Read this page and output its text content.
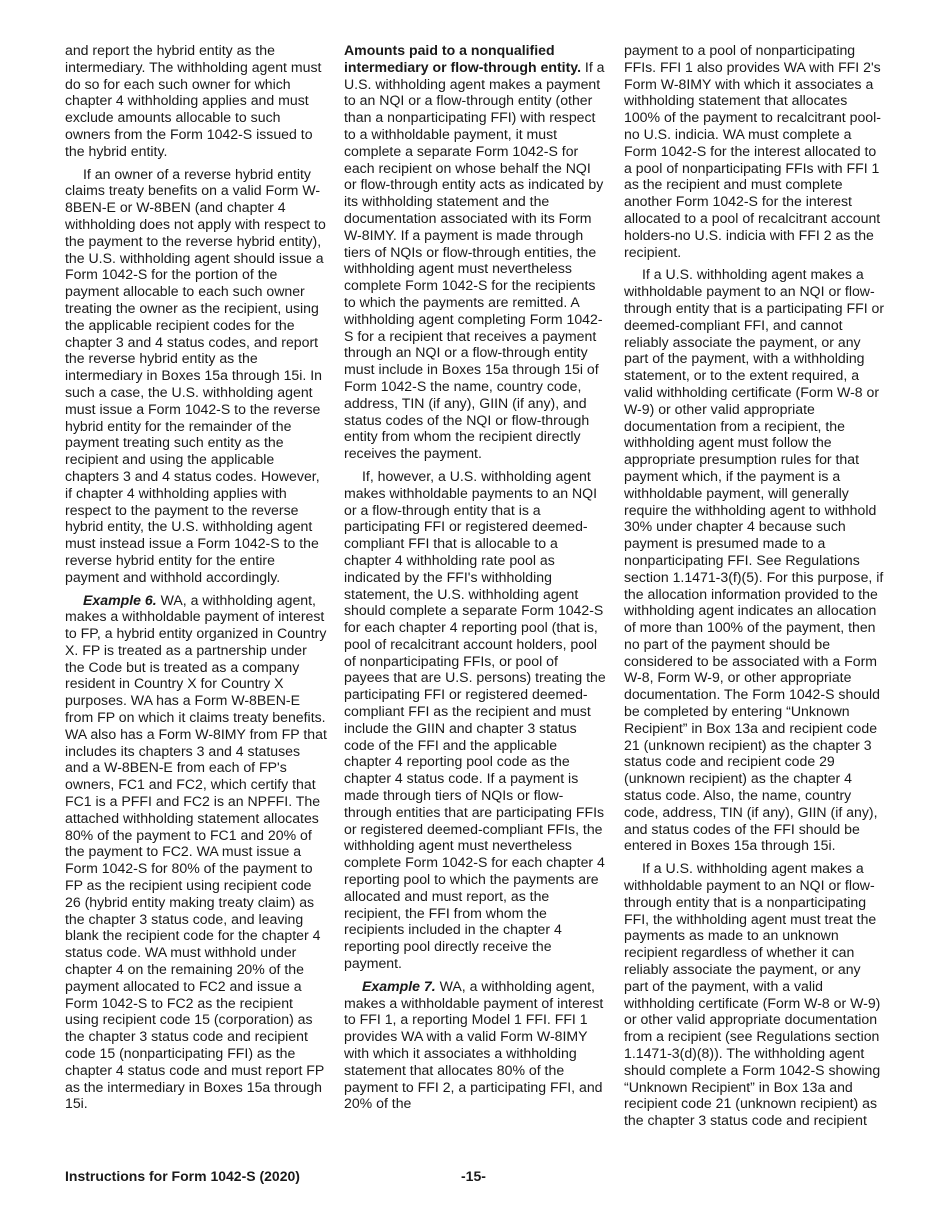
and report the hybrid entity as the intermediary. The withholding agent must do so for each such owner for which chapter 4 withholding applies and must exclude amounts allocable to such owners from the Form 1042-S issued to the hybrid entity.

If an owner of a reverse hybrid entity claims treaty benefits on a valid Form W-8BEN-E or W-8BEN (and chapter 4 withholding does not apply with respect to the payment to the reverse hybrid entity), the U.S. withholding agent should issue a Form 1042-S for the portion of the payment allocable to each such owner treating the owner as the recipient, using the applicable recipient codes for the chapter 3 and 4 status codes, and report the reverse hybrid entity as the intermediary in Boxes 15a through 15i. In such a case, the U.S. withholding agent must issue a Form 1042-S to the reverse hybrid entity for the remainder of the payment treating such entity as the recipient and using the applicable chapters 3 and 4 status codes. However, if chapter 4 withholding applies with respect to the payment to the reverse hybrid entity, the U.S. withholding agent must instead issue a Form 1042-S to the reverse hybrid entity for the entire payment and withhold accordingly.

Example 6. WA, a withholding agent, makes a withholdable payment of interest to FP, a hybrid entity organized in Country X. FP is treated as a partnership under the Code but is treated as a company resident in Country X for Country X purposes. WA has a Form W-8BEN-E from FP on which it claims treaty benefits. WA also has a Form W-8IMY from FP that includes its chapters 3 and 4 statuses and a W-8BEN-E from each of FP's owners, FC1 and FC2, which certify that FC1 is a PFFI and FC2 is an NPFFI. The attached withholding statement allocates 80% of the payment to FC1 and 20% of the payment to FC2. WA must issue a Form 1042-S for 80% of the payment to FP as the recipient using recipient code 26 (hybrid entity making treaty claim) as the chapter 3 status code, and leaving blank the recipient code for the chapter 4 status code. WA must withhold under chapter 4 on the remaining 20% of the payment allocated to FC2 and issue a Form 1042-S to FC2 as the recipient using recipient code 15 (corporation) as the chapter 3 status code and recipient code 15 (nonparticipating FFI) as the chapter 4 status code and must report FP as the intermediary in Boxes 15a through 15i.

Amounts paid to a nonqualified intermediary or flow-through entity. If a U.S. withholding agent makes a payment to an NQI or a flow-through entity (other than a nonparticipating FFI) with respect to a withholdable payment, it must complete a separate Form 1042-S for each recipient on whose behalf the NQI or flow-through entity acts as indicated by its withholding statement and the documentation associated with its Form W-8IMY. If a payment is made through tiers of NQIs or flow-through entities, the withholding agent must nevertheless complete Form 1042-S for the recipients to which the payments are remitted. A withholding agent completing Form 1042-S for a recipient that receives a payment through an NQI or a flow-through entity must include in Boxes 15a through 15i of Form 1042-S the name, country code, address, TIN (if any), GIIN (if any), and status codes of the NQI or flow-through entity from whom the recipient directly receives the payment.

If, however, a U.S. withholding agent makes withholdable payments to an NQI or a flow-through entity that is a participating FFI or registered deemed-compliant FFI that is allocable to a chapter 4 withholding rate pool as indicated by the FFI's withholding statement, the U.S. withholding agent should complete a separate Form 1042-S for each chapter 4 reporting pool (that is, pool of recalcitrant account holders, pool of nonparticipating FFIs, or pool of payees that are U.S. persons) treating the participating FFI or registered deemed-compliant FFI as the recipient and must include the GIIN and chapter 3 status code of the FFI and the applicable chapter 4 reporting pool code as the chapter 4 status code. If a payment is made through tiers of NQIs or flow-through entities that are participating FFIs or registered deemed-compliant FFIs, the withholding agent must nevertheless complete Form 1042-S for each chapter 4 reporting pool to which the payments are allocated and must report, as the recipient, the FFI from whom the recipients included in the chapter 4 reporting pool directly receive the payment.

Example 7. WA, a withholding agent, makes a withholdable payment of interest to FFI 1, a reporting Model 1 FFI. FFI 1 provides WA with a valid Form W-8IMY with which it associates a withholding statement that allocates 80% of the payment to FFI 2, a participating FFI, and 20% of the

payment to a pool of nonparticipating FFIs. FFI 1 also provides WA with FFI 2's Form W-8IMY with which it associates a withholding statement that allocates 100% of the payment to recalcitrant pool-no U.S. indicia. WA must complete a Form 1042-S for the interest allocated to a pool of nonparticipating FFIs with FFI 1 as the recipient and must complete another Form 1042-S for the interest allocated to a pool of recalcitrant account holders-no U.S. indicia with FFI 2 as the recipient.

If a U.S. withholding agent makes a withholdable payment to an NQI or flow-through entity that is a participating FFI or deemed-compliant FFI, and cannot reliably associate the payment, or any part of the payment, with a withholding statement, or to the extent required, a valid withholding certificate (Form W-8 or W-9) or other valid appropriate documentation from a recipient, the withholding agent must follow the appropriate presumption rules for that payment which, if the payment is a withholdable payment, will generally require the withholding agent to withhold 30% under chapter 4 because such payment is presumed made to a nonparticipating FFI. See Regulations section 1.1471-3(f)(5). For this purpose, if the allocation information provided to the withholding agent indicates an allocation of more than 100% of the payment, then no part of the payment should be considered to be associated with a Form W-8, Form W-9, or other appropriate documentation. The Form 1042-S should be completed by entering “Unknown Recipient” in Box 13a and recipient code 21 (unknown recipient) as the chapter 3 status code and recipient code 29 (unknown recipient) as the chapter 4 status code. Also, the name, country code, address, TIN (if any), GIIN (if any), and status codes of the FFI should be entered in Boxes 15a through 15i.

If a U.S. withholding agent makes a withholdable payment to an NQI or flow-through entity that is a nonparticipating FFI, the withholding agent must treat the payments as made to an unknown recipient regardless of whether it can reliably associate the payment, or any part of the payment, with a valid withholding certificate (Form W-8 or W-9) or other valid appropriate documentation from a recipient (see Regulations section 1.1471-3(d)(8)). The withholding agent should complete a Form 1042-S showing “Unknown Recipient” in Box 13a and recipient code 21 (unknown recipient) as the chapter 3 status code and recipient

Instructions for Form 1042-S (2020)	-15-
